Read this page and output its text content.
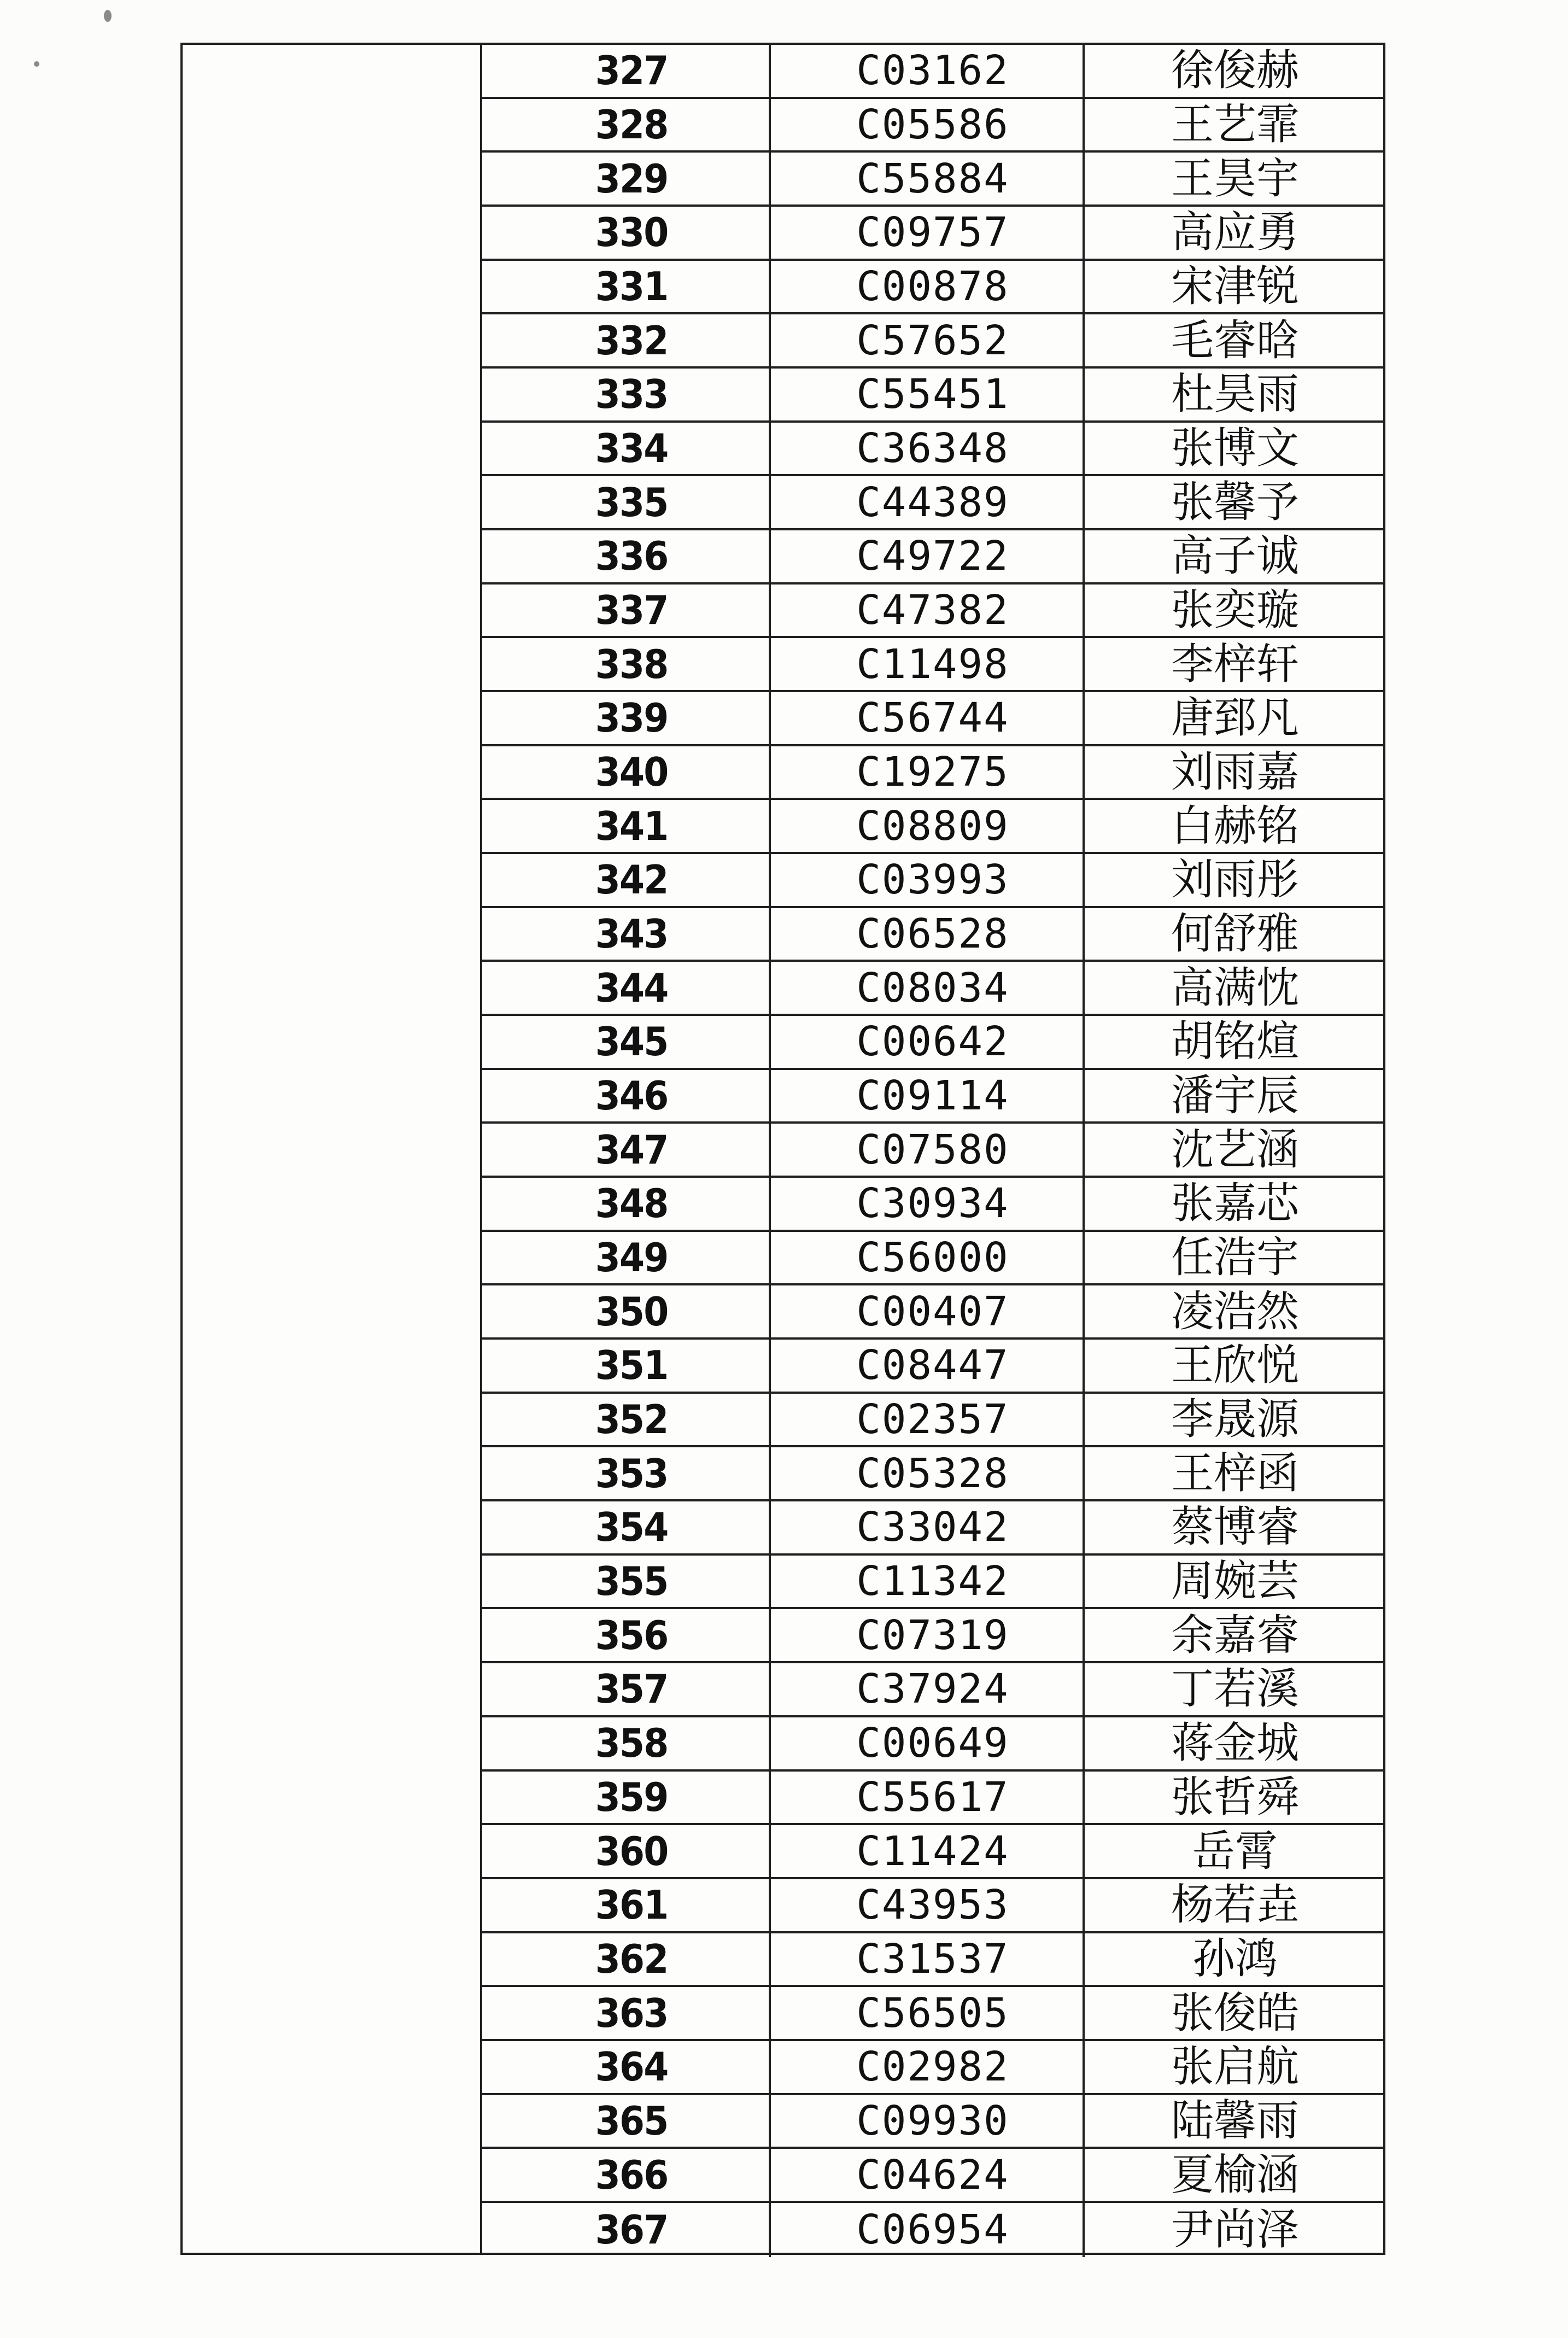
327	C03162	徐俊赫
328	C05586	王艺霏
329	C55884	王昊宇
330	C09757	高应勇
331	C00878	宋津锐
332	C57652	毛睿晗
333	C55451	杜昊雨
334	C36348	张博文
335	C44389	张馨予
336	C49722	高子诚
337	C47382	张奕璇
338	C11498	李梓轩
339	C56744	唐郅凡
340	C19275	刘雨嘉
341	C08809	白赫铭
342	C03993	刘雨彤
343	C06528	何舒雅
344	C08034	高满忱
345	C00642	胡铭煊
346	C09114	潘宇辰
347	C07580	沈艺涵
348	C30934	张嘉芯
349	C56000	任浩宇
350	C00407	凌浩然
351	C08447	王欣悦
352	C02357	李晟源
353	C05328	王梓函
354	C33042	蔡博睿
355	C11342	周婉芸
356	C07319	余嘉睿
357	C37924	丁若溪
358	C00649	蒋金城
359	C55617	张哲舜
360	C11424	岳霄
361	C43953	杨若垚
362	C31537	孙鸿
363	C56505	张俊皓
364	C02982	张启航
365	C09930	陆馨雨
366	C04624	夏榆涵
367	C06954	尹尚泽
